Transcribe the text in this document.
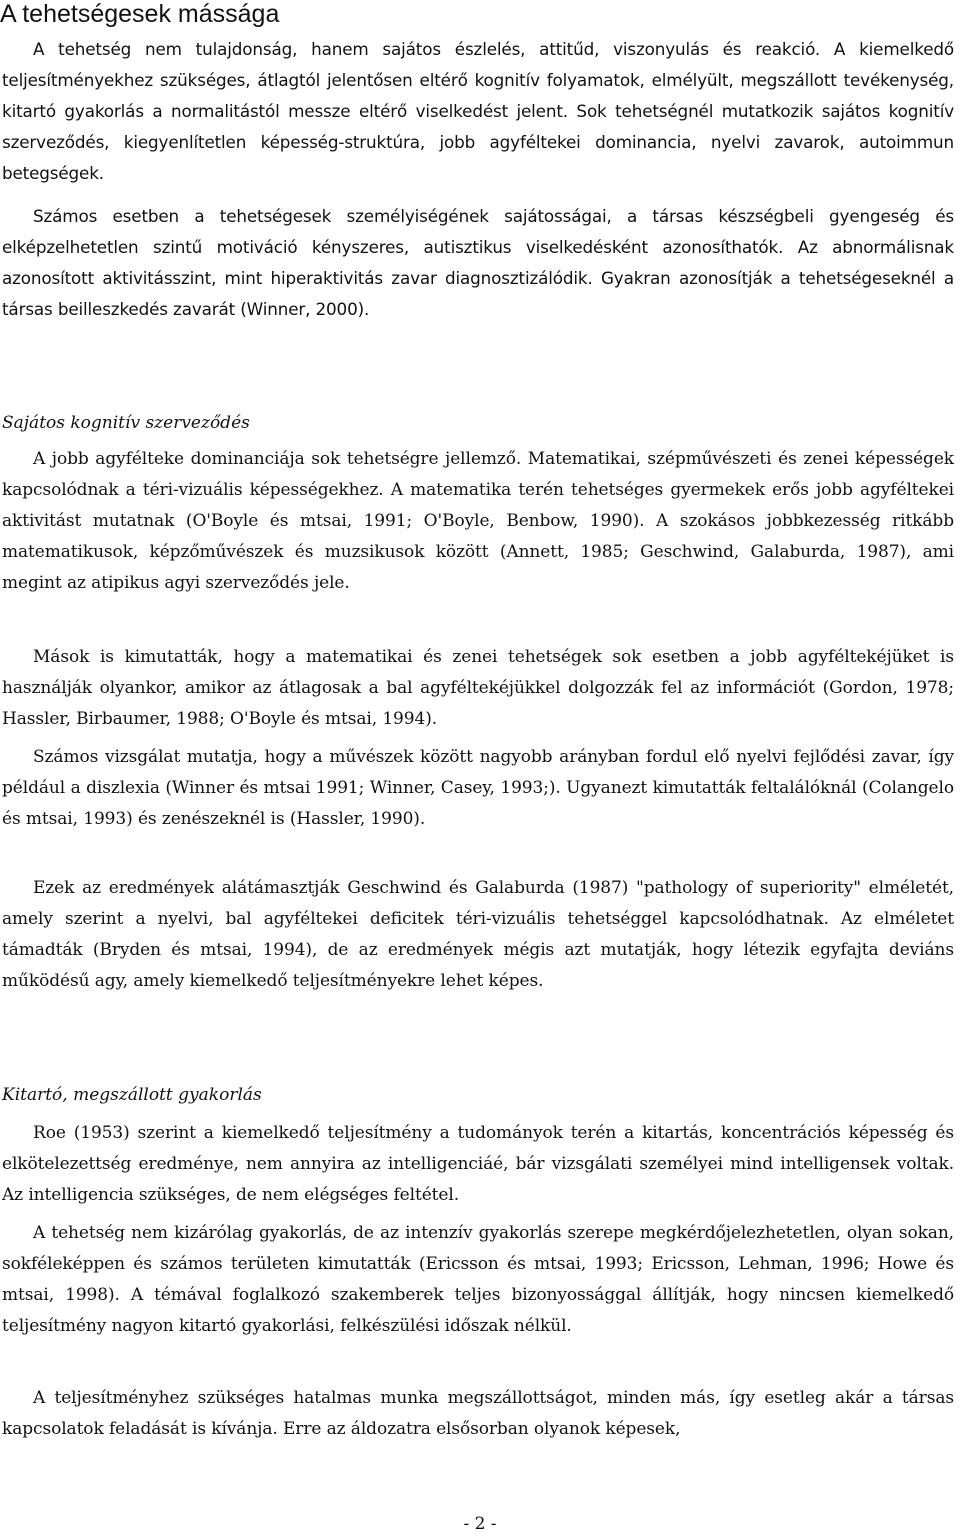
A tehetségesek mássága

A tehetség nem tulajdonság, hanem sajátos észlelés, attitűd, viszonyulás és reakció. A kiemelkedő teljesítményekhez szükséges, átlagtól jelentősen eltérő kognitív folyamatok, elmélyült, megszállott tevékenység, kitartó gyakorlás a normalitástól messze eltérő viselkedést jelent. Sok tehetségnél mutatkozik sajátos kognitív szerveződés, kiegyenlítetlen képesség-struktúra, jobb agyféltekei dominancia, nyelvi zavarok, autoimmun betegségek.

Számos esetben a tehetségesek személyiségének sajátosságai, a társas készségbeli gyengeség és elképzelhetetlen szintű motiváció kényszeres, autisztikus viselkedésként azonosíthatók. Az abnormálisnak azonosított aktivitásszint, mint hiperaktivitás zavar diagnosztizálódik. Gyakran azonosítják a tehetségeseknél a társas beilleszkedés zavarát (Winner, 2000).

Sajátos kognitív szerveződés

A jobb agyfélteke dominanciája sok tehetségre jellemző. Matematikai, szépművészeti és zenei képességek kapcsolódnak a téri-vizuális képességekhez. A matematika terén tehetséges gyermekek erős jobb agyféltekei aktivitást mutatnak (O'Boyle és mtsai, 1991; O'Boyle, Benbow, 1990). A szokásos jobbkezesség ritkább matematikusok, képzőművészek és muzsikusok között (Annett, 1985; Geschwind, Galaburda, 1987), ami megint az atipikus agyi szerveződés jele.

Mások is kimutatták, hogy a matematikai és zenei tehetségek sok esetben a jobb agyféltekéjüket is használják olyankor, amikor az átlagosak a bal agyféltekéjükkel dolgozzák fel az információt (Gordon, 1978; Hassler, Birbaumer, 1988; O'Boyle és mtsai, 1994).

Számos vizsgálat mutatja, hogy a művészek között nagyobb arányban fordul elő nyelvi fejlődési zavar, így például a diszlexia (Winner és mtsai 1991; Winner, Casey, 1993;). Ugyanezt kimutatták feltalálóknál (Colangelo és mtsai, 1993) és zenészeknél is (Hassler, 1990).

Ezek az eredmények alátámasztják Geschwind és Galaburda (1987) "pathology of superiority" elméletét, amely szerint a nyelvi, bal agyféltekei deficitek téri-vizuális tehetséggel kapcsolódhatnak. Az elméletet támadták (Bryden és mtsai, 1994), de az eredmények mégis azt mutatják, hogy létezik egyfajta deviáns működésű agy, amely kiemelkedő teljesítményekre lehet képes.

Kitartó, megszállott gyakorlás

Roe (1953) szerint a kiemelkedő teljesítmény a tudományok terén a kitartás, koncentrációs képesség és elkötelezettség eredménye, nem annyira az intelligenciáé, bár vizsgálati személyei mind intelligensek voltak. Az intelligencia szükséges, de nem elégséges feltétel.

A tehetség nem kizárólag gyakorlás, de az intenzív gyakorlás szerepe megkérdőjelezhetetlen, olyan sokan, sokféleképpen és számos területen kimutatták (Ericsson és mtsai, 1993; Ericsson, Lehman, 1996; Howe és mtsai, 1998). A témával foglalkozó szakemberek teljes bizonyossággal állítják, hogy nincsen kiemelkedő teljesítmény nagyon kitartó gyakorlási, felkészülési időszak nélkül.

A teljesítményhez szükséges hatalmas munka megszállottságot, minden más, így esetleg akár a társas kapcsolatok feladását is kívánja. Erre az áldozatra elsősorban olyanok képesek,

- 2 -
